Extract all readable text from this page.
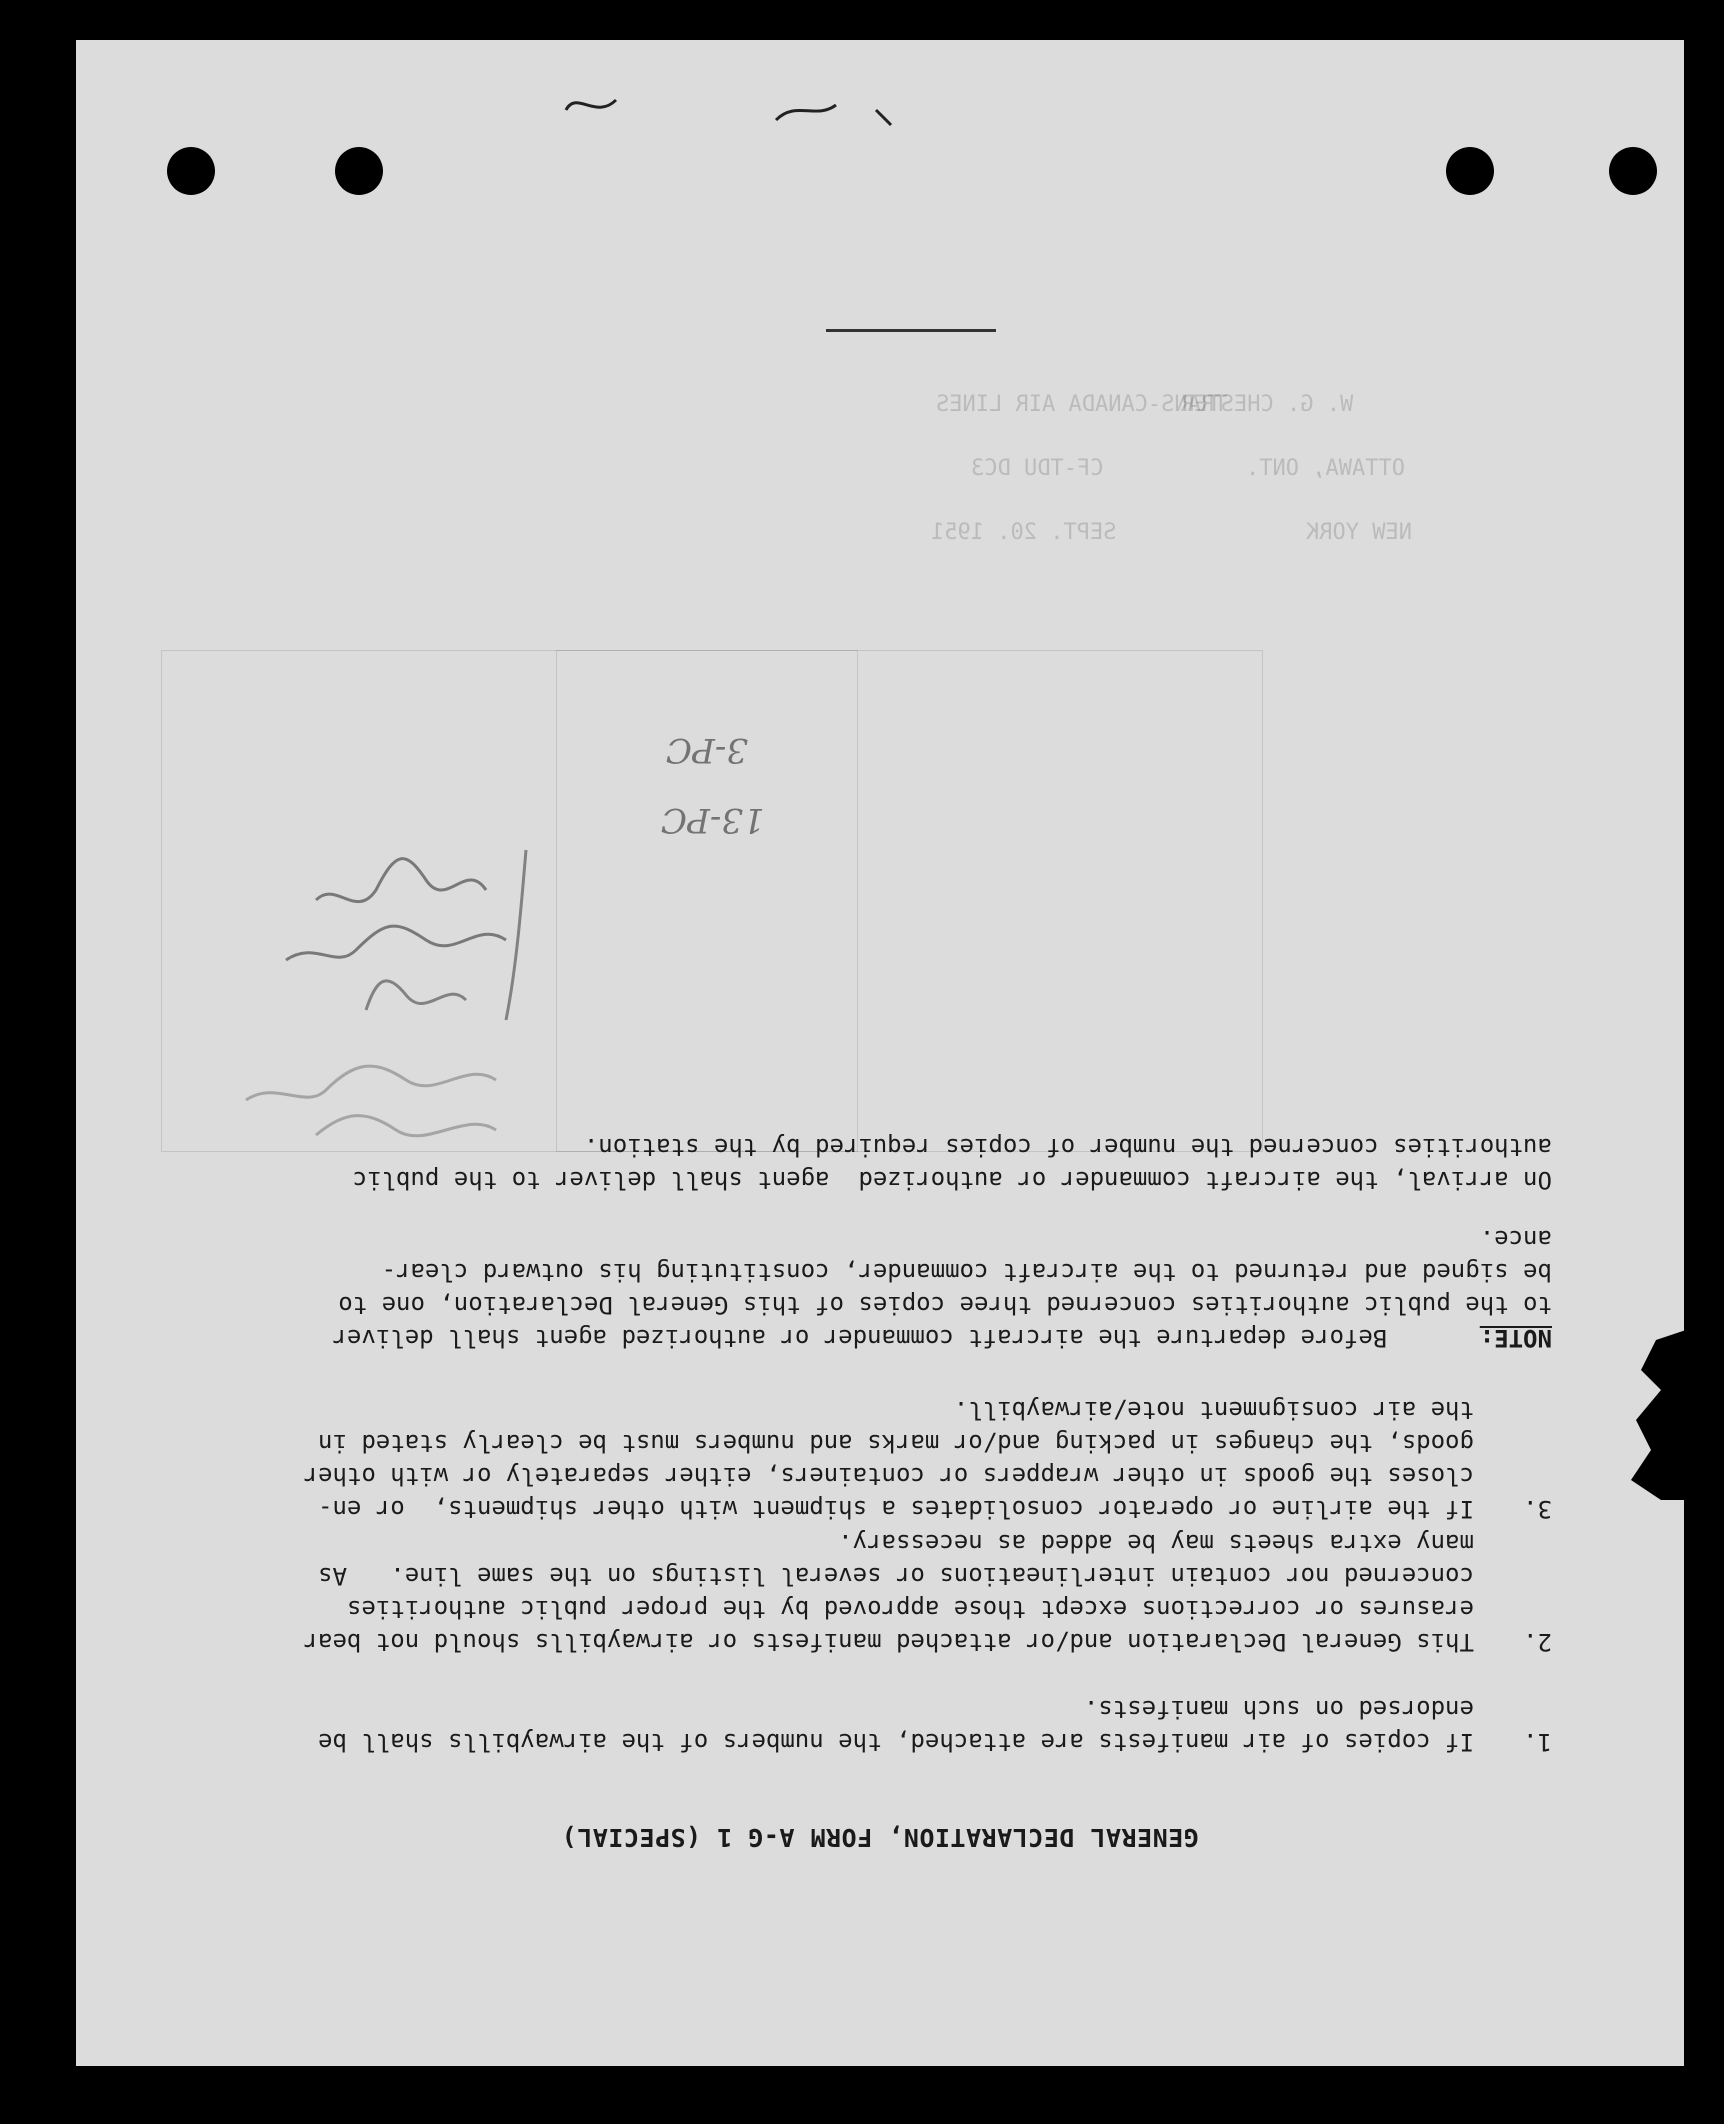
TRANS-CANADA AIR LINES
W. G. CHESTER
CF-TDU DC3	OTTAWA, ONT.
SEPT. 20. 1951	NEW YORK
3-PC
13-PC
GENERAL DECLARATION, FORM A-G 1 (SPECIAL)
1.

If copies of air manifests are attached, the numbers of the airwaybills shall be

endorsed on such manifests.

2.

This General Declaration and/or attached manifests or airwaybills should not bear

erasures or corrections except those approved by the proper public authorities

concerned nor contain interlineations or several listings on the same line.   As

many extra sheets may be added as necessary.

3.

If the airline or operator consolidates a shipment with other shipments,  or en-

closes the goods in other wrappers or containers, either separately or with other

goods, the changes in packing and/or marks and numbers must be clearly stated in

the air consignment note/airwaybill.

NOTE:

Before departure the aircraft commander or authorized agent shall deliver

to the public authorities concerned three copies of this General Declaration, one to

be signed and returned to the aircraft commander, constituting his outward clear-

ance.

On arrival, the aircraft commander or authorized  agent shall deliver to the public

authorities concerned the number of copies required by the station.
